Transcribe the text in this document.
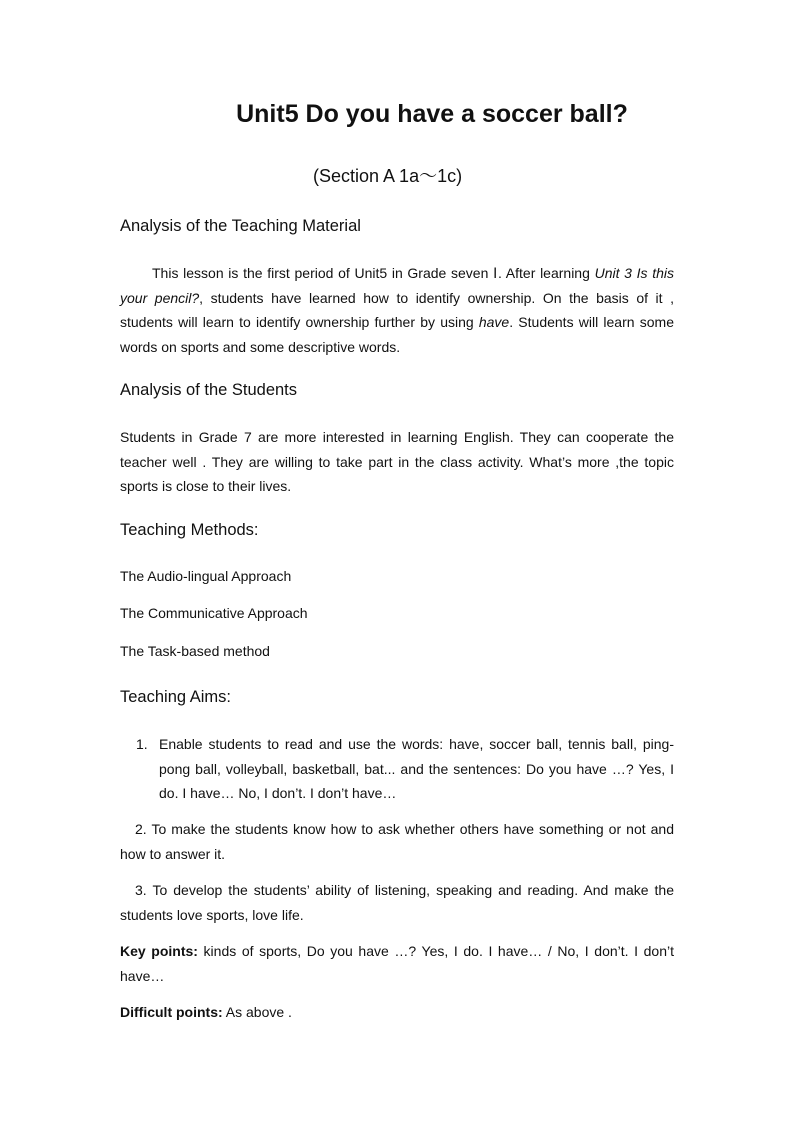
Unit5 Do you have a soccer ball?
(Section A 1a～1c)
Analysis of the Teaching Material

This lesson is the first period of Unit5 in Grade seven Ⅰ. After learning Unit 3 Is this your pencil?, students have learned how to identify ownership. On the basis of it , students will learn to identify ownership further by using have. Students will learn some words on sports and some descriptive words.

Analysis of the Students

Students in Grade 7 are more interested in learning English. They can cooperate the teacher well . They are willing to take part in the class activity. What’s more ,the topic sports is close to their lives.

Teaching Methods:
The Audio-lingual Approach
The Communicative Approach
The Task-based method
Teaching Aims:
1. Enable students to read and use the words: have, soccer ball, tennis ball, ping-pong ball, volleyball, basketball, bat... and the sentences: Do you have …? Yes, I do. I have… No, I don’t. I don’t have…

2. To make the students know how to ask whether others have something or not and how to answer it.

3. To develop the students’ ability of listening, speaking and reading. And make the students love sports, love life.

Key points: kinds of sports, Do you have …? Yes, I do. I have… / No, I don’t. I don’t have…

Difficult points: As above .
